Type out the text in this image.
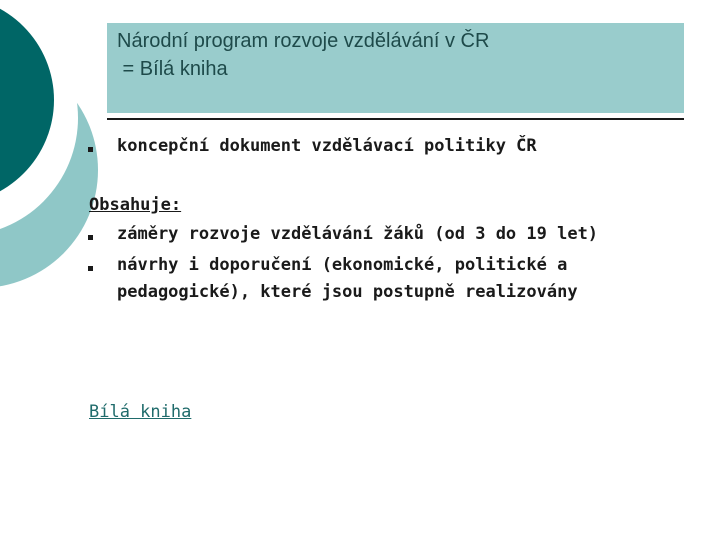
Národní program rozvoje vzdělávání v ČR
= Bílá kniha
koncepční dokument vzdělávací politiky ČR
Obsahuje:
záměry rozvoje vzdělávání žáků (od 3 do 19 let)
návrhy i doporučení (ekonomické, politické a
pedagogické), které jsou postupně realizovány
Bílá kniha
